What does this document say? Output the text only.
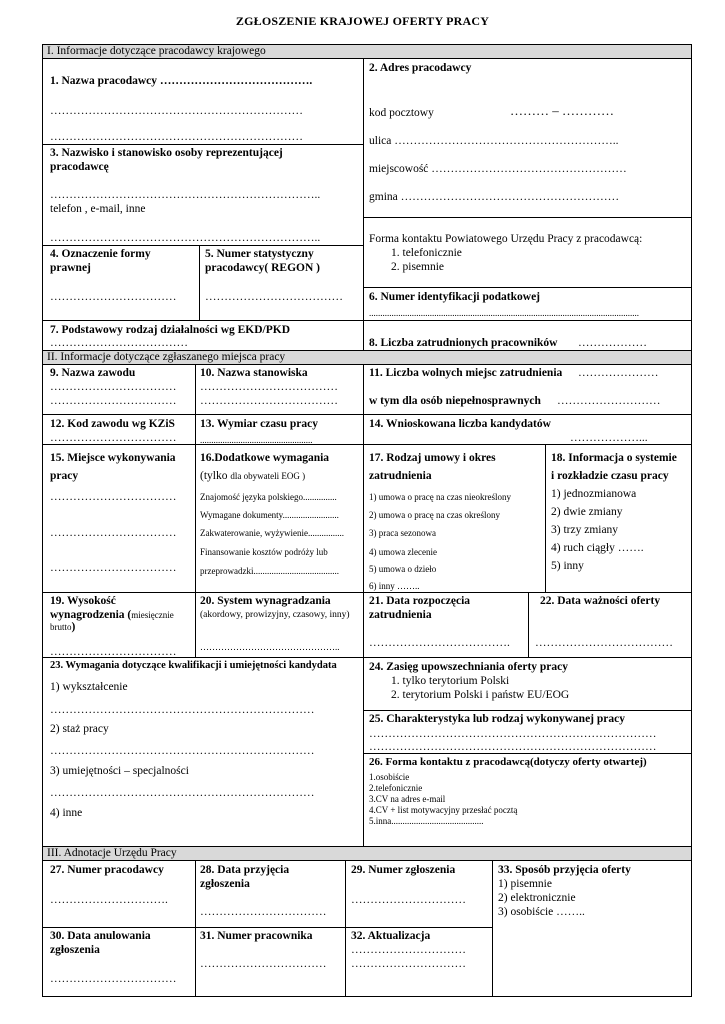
ZGŁOSZENIE KRAJOWEJ OFERTY PRACY
I. Informacje dotyczące pracodawcy krajowego
1. Nazwa pracodawcy ………………………………….
…………………………………………………………
…………………………………………………………
2. Adres pracodawcy
kod pocztowy	……… – …………
ulica …………………………………………………..
miejscowość ……………………………………………
gmina …………………………………………………
3. Nazwisko i stanowisko osoby reprezentującej
pracodawcę
……………………………………………………………..
telefon , e-mail, inne
……………………………………………………………..	Forma kontaktu Powiatowego Urzędu Pracy z pracodawcą:
1. telefonicznie
2. pisemnie
4. Oznaczenie formy
prawnej
……………………………
5. Numer statystyczny
pracodawcy( REGON )
……………………………… 6. Numer identyfikacji podatkowej
........................................................................................................................
7. Podstawowy rodzaj działalności wg EKD/PKD
………………………………	8. Liczba zatrudnionych pracowników ………………
II. Informacje dotyczące zgłaszanego miejsca pracy
9. Nazwa zawodu
……………………………
……………………………
10. Nazwa stanowiska
………………………………
………………………………
11. Liczba wolnych miejsc zatrudnienia …………………
w tym dla osób niepełnosprawnych ………………………
12. Kod zawodu wg KZiS
……………………………
13. Wymiar czasu pracy
..................................................
14. Wnioskowana liczba kandydatów
………………...
15. Miejsce wykonywania
pracy
……………………………
……………………………
……………………………
16.Dodatkowe wymagania
(tylko dla obywateli EOG )
Znajomość języka polskiego...............
Wymagane dokumenty.........................
Zakwaterowanie, wyżywienie................
Finansowanie kosztów podróży lub
przeprowadzki......................................
17. Rodzaj umowy i okres
zatrudnienia
1) umowa o pracę na czas nieokreślony
2) umowa o pracę na czas określony
3) praca sezonowa
4) umowa zlecenie
5) umowa o dzieło
6) inny ……..
18. Informacja o systemie
i rozkładzie czasu pracy
1) jednozmianowa
2) dwie zmiany
3) trzy zmiany
4) ruch ciągły …….
5) inny
19. Wysokość
wynagrodzenia (miesięcznie
brutto)
……………………………
20. System wynagradzania
(akordowy, prowizyjny, czasowy, inny)
………………………………………..
21. Data rozpoczęcia
zatrudnienia
……………………………….
22. Data ważności oferty
………………………………
23. Wymagania dotyczące kwalifikacji i umiejętności kandydata
1) wykształcenie
……………………………………………………………
2) staż pracy
……………………………………………………………
3) umiejętności – specjalności
……………………………………………………………
4) inne
24. Zasięg upowszechniania oferty pracy
1. tylko terytorium Polski
2. terytorium Polski i państw EU/EOG
25. Charakterystyka lub rodzaj wykonywanej pracy
…………………………………………………………………
…………………………………………………………………
26. Forma kontaktu z pracodawcą(dotyczy oferty otwartej)
1.osobiście
2.telefonicznie
3.CV na adres e-mail
4.CV + list motywacyjny przesłać pocztą
5.inna.........................................
III. Adnotacje Urzędu Pracy
27. Numer pracodawcy
………………………….
28. Data przyjęcia
zgłoszenia
……………………………
29. Numer zgłoszenia
…………………………
33. Sposób przyjęcia oferty
1) pisemnie
2) elektronicznie
3) osobiście ……..
30. Data anulowania
zgłoszenia
……………………………
31. Numer pracownika
……………………………
32. Aktualizacja
…………………………
…………………………
